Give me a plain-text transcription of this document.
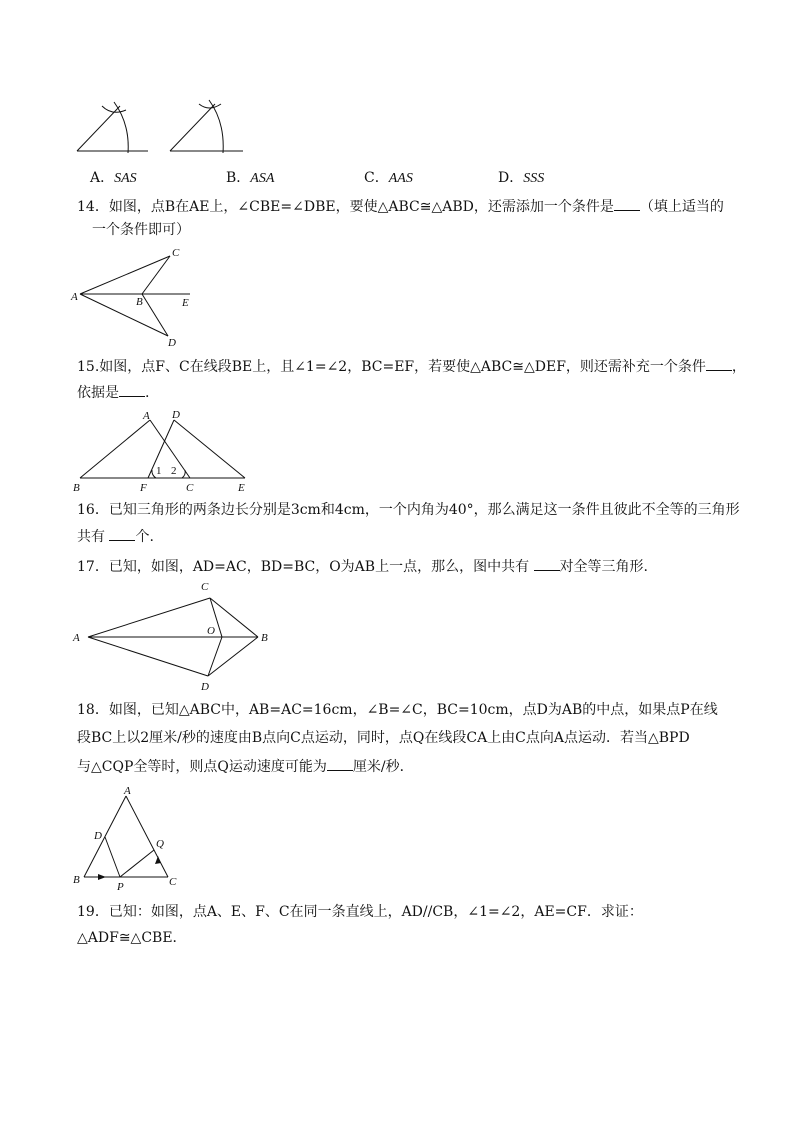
A．SAS	B．ASA	C．AAS	D．SSS
14．如图，点B在AE上，∠CBE=∠DBE，要使△ABC≅△ABD，还需添加一个条件是 （填上适当的
一个条件即可）
A	B
C
D
E
15.如图，点F、C在线段BE上，且∠1=∠2，BC=EF，若要使△ABC≅△DEF，则还需补充一个条件 ，
依据是 .
A D
B	F	C	E
1 2
16．已知三角形的两条边长分别是3cm和4cm，一个内角为40°，那么满足这一条件且彼此不全等的三角形
共有 个.
17．已知，如图，AD=AC，BD=BC，O为AB上一点，那么，图中共有 对全等三角形.
A	B
C
D
O
18．如图，已知△ABC中，AB=AC=16cm，∠B=∠C，BC=10cm，点D为AB的中点，如果点P在线
段BC上以2厘米/秒的速度由B点向C点运动，同时，点Q在线段CA上由C点向A点运动．若当△BPD
与△CQP全等时，则点Q运动速度可能为 厘米/秒．
A
B	C
D
P
Q
19．已知：如图，点A、E、F、C在同一条直线上，AD//CB，∠1=∠2，AE=CF．求证：
△ADF≅△CBE．
